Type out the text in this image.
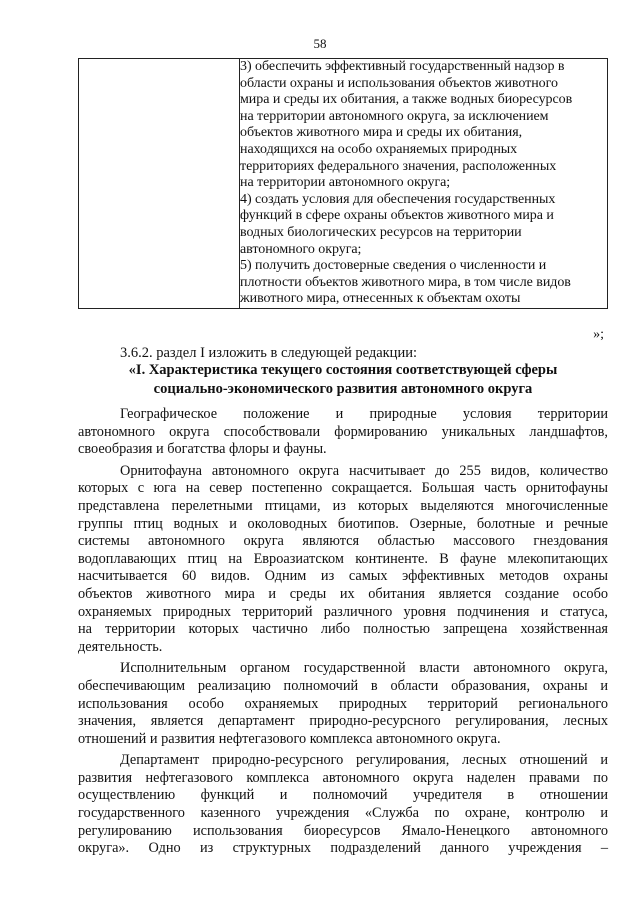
58

3) обеспечить эффективный государственный надзор в
области охраны и использования объектов животного
мира и среды их обитания, а также водных биоресурсов
на территории автономного округа, за исключением
объектов животного мира и среды их обитания,
находящихся на особо охраняемых природных
территориях федерального значения, расположенных
на территории автономного округа;
4) создать условия для обеспечения государственных
функций в сфере охраны объектов животного мира и
водных биологических ресурсов на территории
автономного округа;
5) получить достоверные сведения о численности и
плотности объектов животного мира, в том числе видов
животного мира, отнесенных к объектам охоты
»;
3.6.2. раздел I изложить в следующей редакции:
«I. Характеристика текущего состояния соответствующей сферы
социально-экономического развития автономного округа
Географическое положение и природные условия территории
автономного округа способствовали формированию уникальных ландшафтов,
своеобразия и богатства флоры и фауны.
Орнитофауна автономного округа насчитывает до 255 видов, количество
которых с юга на север постепенно сокращается. Большая часть орнитофауны
представлена перелетными птицами, из которых выделяются многочисленные
группы птиц водных и околоводных биотипов. Озерные, болотные и речные
системы автономного округа являются областью массового гнездования
водоплавающих птиц на Евроазиатском континенте. В фауне млекопитающих
насчитывается 60 видов. Одним из самых эффективных методов охраны
объектов животного мира и среды их обитания является создание особо
охраняемых природных территорий различного уровня подчинения и статуса,
на территории которых частично либо полностью запрещена хозяйственная
деятельность.
Исполнительным органом государственной власти автономного округа,
обеспечивающим реализацию полномочий в области образования, охраны и
использования особо охраняемых природных территорий регионального
значения, является департамент природно-ресурсного регулирования, лесных
отношений и развития нефтегазового комплекса автономного округа.
Департамент природно-ресурсного регулирования, лесных отношений и
развития нефтегазового комплекса автономного округа наделен правами по
осуществлению функций и полномочий учредителя в отношении
государственного казенного учреждения «Служба по охране, контролю и
регулированию использования биоресурсов Ямало-Ненецкого автономного
округа». Одно из структурных подразделений данного учреждения –
